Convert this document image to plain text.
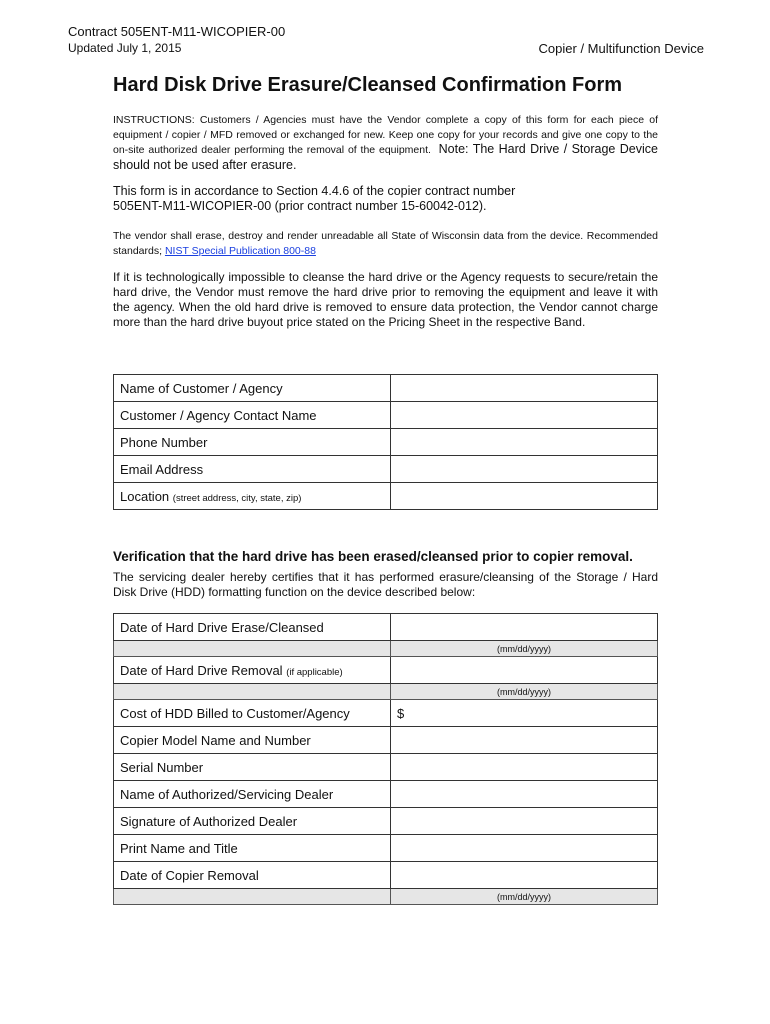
Contract 505ENT-M11-WICOPIER-00
Updated July 1, 2015	Copier / Multifunction Device
Hard Disk Drive Erasure/Cleansed Confirmation Form
INSTRUCTIONS: Customers / Agencies must have the Vendor complete a copy of this form for each piece of equipment / copier / MFD removed or exchanged for new. Keep one copy for your records and give one copy to the on-site authorized dealer performing the removal of the equipment. Note: The Hard Drive / Storage Device should not be used after erasure.
This form is in accordance to Section 4.4.6 of the copier contract number 505ENT-M11-WICOPIER-00 (prior contract number 15-60042-012).
The vendor shall erase, destroy and render unreadable all State of Wisconsin data from the device. Recommended standards; NIST Special Publication 800-88
If it is technologically impossible to cleanse the hard drive or the Agency requests to secure/retain the hard drive, the Vendor must remove the hard drive prior to removing the equipment and leave it with the agency. When the old hard drive is removed to ensure data protection, the Vendor cannot charge more than the hard drive buyout price stated on the Pricing Sheet in the respective Band.
Name of Customer / Agency	
Customer / Agency Contact Name	
Phone Number	
Email Address	
Location (street address, city, state, zip)	
Verification that the hard drive has been erased/cleansed prior to copier removal.
The servicing dealer hereby certifies that it has performed erasure/cleansing of the Storage / Hard Disk Drive (HDD) formatting function on the device described below:
Date of Hard Drive Erase/Cleansed	
	(mm/dd/yyyy)
Date of Hard Drive Removal (if applicable)	
	(mm/dd/yyyy)
Cost of HDD Billed to Customer/Agency	$
Copier Model Name and Number	
Serial Number	
Name of Authorized/Servicing Dealer	
Signature of Authorized Dealer	
Print Name and Title	
Date of Copier Removal	
	(mm/dd/yyyy)
